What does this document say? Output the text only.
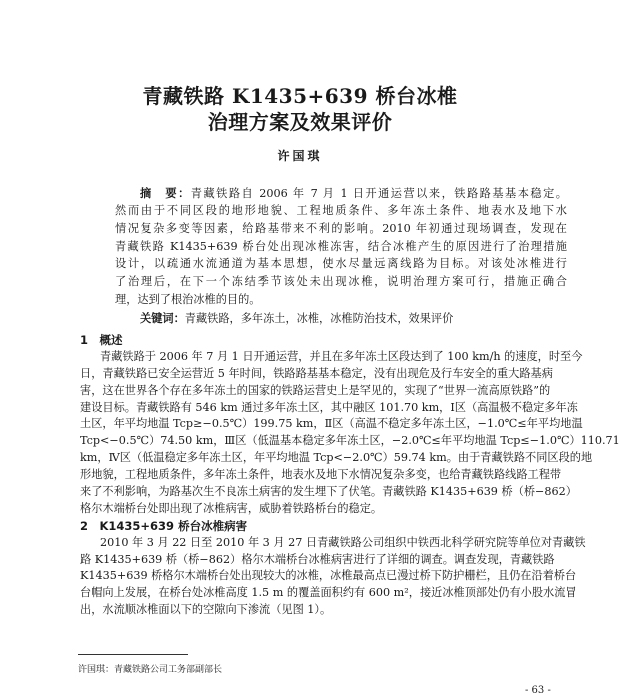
青藏铁路 K1435+639 桥台冰椎
治理方案及效果评价
许国琪
摘　要：青藏铁路自 2006 年 7 月 1 日开通运营以来，铁路路基基本稳定。
然而由于不同区段的地形地貌、工程地质条件、多年冻土条件、地表水及地下水
情况复杂多变等因素，给路基带来不利的影响。2010 年初通过现场调查，发现在
青藏铁路 K1435+639 桥台处出现冰椎冻害，结合冰椎产生的原因进行了治理措施
设计，以疏通水流通道为基本思想，使水尽量远离线路为目标。对该处冰椎进行
了治理后，在下一个冻结季节该处未出现冰椎，说明治理方案可行，措施正确合
理，达到了根治冰椎的目的。
关键词：青藏铁路，多年冻土，冰椎，冰椎防治技术，效果评价
1　概述
青藏铁路于 2006 年 7 月 1 日开通运营，并且在多年冻土区段达到了 100 km/h 的速度，时至今
日，青藏铁路已安全运营近 5 年时间，铁路路基基本稳定，没有出现危及行车安全的重大路基病
害，这在世界各个存在多年冻土的国家的铁路运营史上是罕见的，实现了“世界一流高原铁路”的
建设目标。青藏铁路有 546 km 通过多年冻土区，其中融区 101.70 km，Ⅰ区（高温极不稳定多年冻
土区，年平均地温 Tcp≥−0.5℃）199.75 km，Ⅱ区（高温不稳定多年冻土区，−1.0℃≤年平均地温
Tcp<−0.5℃）74.50 km，Ⅲ区（低温基本稳定多年冻土区，−2.0℃≤年平均地温 Tcp≤−1.0℃）110.71
km，Ⅳ区（低温稳定多年冻土区，年平均地温 Tcp<−2.0℃）59.74 km。由于青藏铁路不同区段的地
形地貌，工程地质条件，多年冻土条件，地表水及地下水情况复杂多变，也给青藏铁路线路工程带
来了不利影响，为路基次生不良冻土病害的发生埋下了伏笔。青藏铁路 K1435+639 桥（桥−862）
格尔木端桥台处即出现了冰椎病害，威胁着铁路桥台的稳定。
2　K1435+639 桥台冰椎病害
2010 年 3 月 22 日至 2010 年 3 月 27 日青藏铁路公司组织中铁西北科学研究院等单位对青藏铁
路 K1435+639 桥（桥−862）格尔木端桥台冰椎病害进行了详细的调查。调查发现，青藏铁路
K1435+639 桥格尔木端桥台处出现较大的冰椎，冰椎最高点已漫过桥下防护栅栏，且仍在沿着桥台
台帽向上发展，在桥台处冰椎高度 1.5 m 的覆盖面积约有 600 m²，接近冰椎顶部处仍有小股水流冒
出，水流顺冰椎面以下的空隙向下渗流（见图 1）。
许国琪：青藏铁路公司工务部副部长
- 63 -
